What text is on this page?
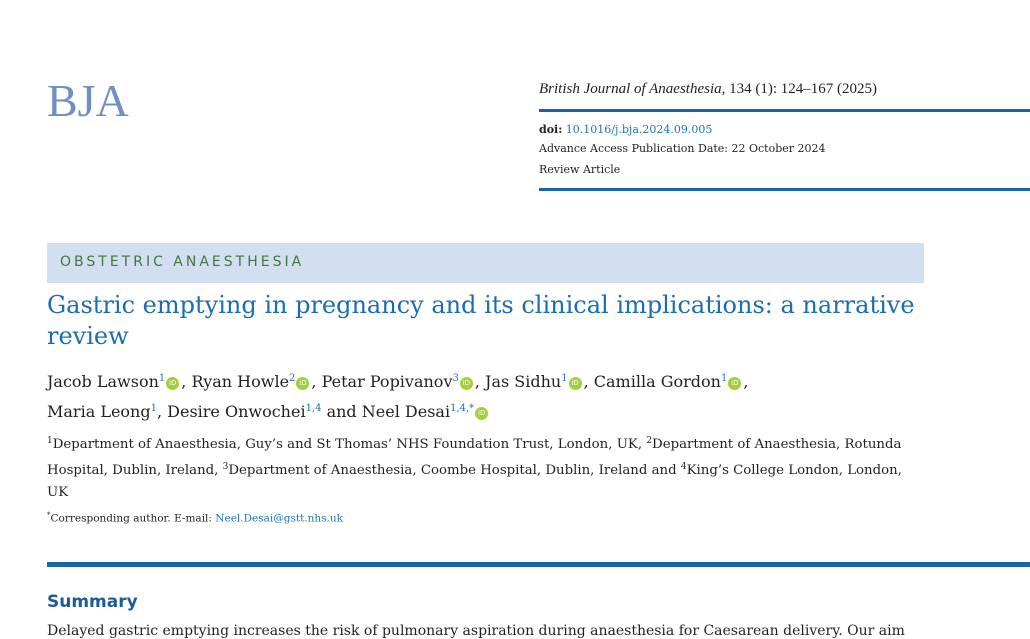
BJA	British Journal of Anaesthesia, 134 (1): 124–167 (2025)
doi: 10.1016/j.bja.2024.09.005
Advance Access Publication Date: 22 October 2024
Review Article
OBSTETRIC ANAESTHESIA
Gastric emptying in pregnancy and its clinical implications: a narrative review
Jacob Lawson$^1$ iD , Ryan Howle$^2$ iD , Petar Popivanov$^3$ iD , Jas Sidhu$^1$ iD , Camilla Gordon$^1$ iD ,
Maria Leong$^1$, Desire Onwochei$^{1,4}$ and Neel Desai$^{1,4,*}$ iD
$^1$Department of Anaesthesia, Guy’s and St Thomas’ NHS Foundation Trust, London, UK, $^2$Department of Anaesthesia, Rotunda Hospital, Dublin, Ireland, $^3$Department of Anaesthesia, Coombe Hospital, Dublin, Ireland and $^4$King’s College London, London, UK
*Corresponding author. E-mail: Neel.Desai@gstt.nhs.uk
Summary
Delayed gastric emptying increases the risk of pulmonary aspiration during anaesthesia for Caesarean delivery. Our aim
